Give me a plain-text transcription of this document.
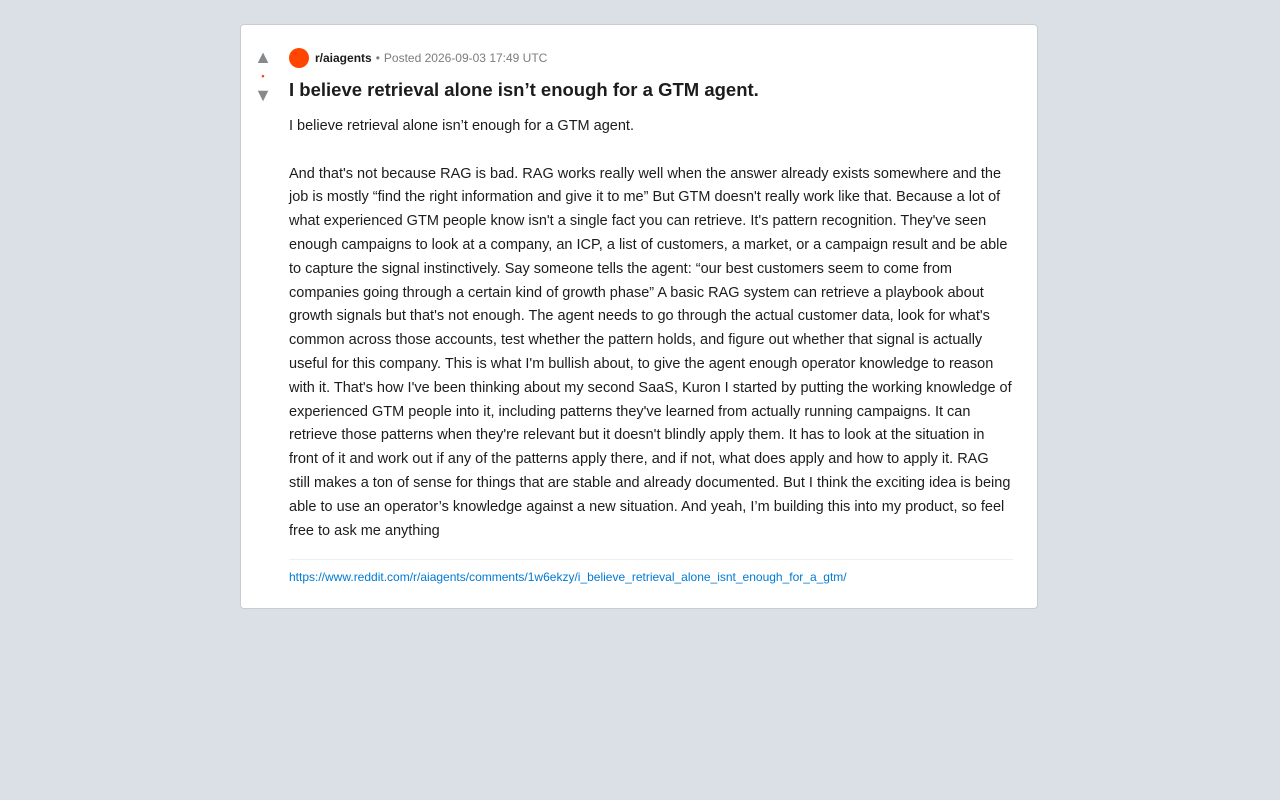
▲
•
▼
r/aiagents • Posted 2026-09-03 17:49 UTC
I believe retrieval alone isn’t enough for a GTM agent.

I believe retrieval alone isn’t enough for a GTM agent.

And that's not because RAG is bad. RAG works really well when the answer already exists somewhere and the job is mostly “find the right information and give it to me” But GTM doesn't really work like that. Because a lot of what experienced GTM people know isn't a single fact you can retrieve. It's pattern recognition. They've seen enough campaigns to look at a company, an ICP, a list of customers, a market, or a campaign result and be able to capture the signal instinctively. Say someone tells the agent: “our best customers seem to come from companies going through a certain kind of growth phase” A basic RAG system can retrieve a playbook about growth signals but that's not enough. The agent needs to go through the actual customer data, look for what's common across those accounts, test whether the pattern holds, and figure out whether that signal is actually useful for this company. This is what I'm bullish about, to give the agent enough operator knowledge to reason with it. That's how I've been thinking about my second SaaS, Kuron I started by putting the working knowledge of experienced GTM people into it, including patterns they've learned from actually running campaigns. It can retrieve those patterns when they're relevant but it doesn't blindly apply them. It has to look at the situation in front of it and work out if any of the patterns apply there, and if not, what does apply and how to apply it. RAG still makes a ton of sense for things that are stable and already documented. But I think the exciting idea is being able to use an operator’s knowledge against a new situation. And yeah, I’m building this into my product, so feel free to ask me anything

https://www.reddit.com/r/aiagents/comments/1w6ekzy/i_believe_retrieval_alone_isnt_enough_for_a_gtm/
